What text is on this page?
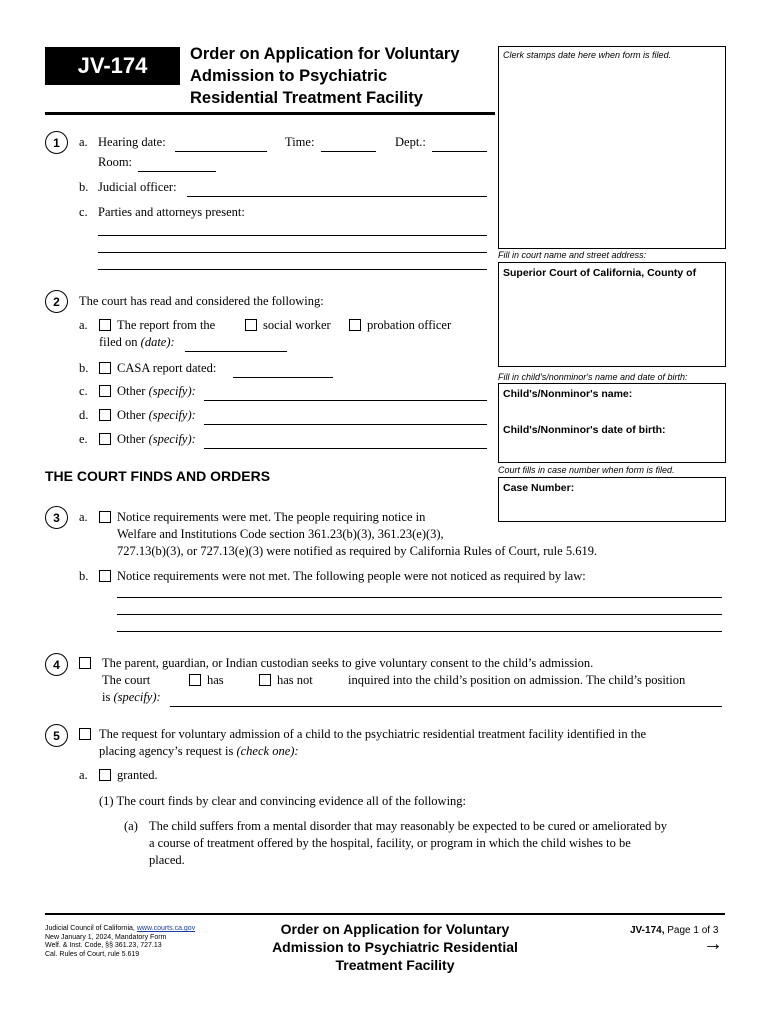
JV-174	Order on Application for Voluntary
Admission to Psychiatric
Residential Treatment Facility
Clerk stamps date here when form is filed.
Fill in court name and street address:
Superior Court of California, County of
Fill in child's/nonminor's name and date of birth:
Child's/Nonminor's name:
Child's/Nonminor's date of birth:
Court fills in case number when form is filed.
Case Number:
1	a. Hearing date:	Time:	Dept.:
Room:
b. Judicial officer:
c. Parties and attorneys present:
2	The court has read and considered the following:
a. The report from the	social worker	probation officer
filed on (date):
b. CASA report dated:
c. Other (specify):
d. Other (specify):
e. Other (specify):
THE COURT FINDS AND ORDERS
3	a. Notice requirements were met. The people requiring notice in
Welfare and Institutions Code section 361.23(b)(3), 361.23(e)(3),
727.13(b)(3), or 727.13(e)(3) were notified as required by California Rules of Court, rule 5.619.
b. Notice requirements were not met. The following people were not noticed as required by law:
4	The parent, guardian, or Indian custodian seeks to give voluntary consent to the child’s admission.
The court	has	has not	inquired into the child’s position on admission. The child’s position
is (specify):
5	The request for voluntary admission of a child to the psychiatric residential treatment facility identified in the
placing agency’s request is (check one):
a. granted.
(1) The court finds by clear and convincing evidence all of the following:
(a) The child suffers from a mental disorder that may reasonably be expected to be cured or ameliorated by
a course of treatment offered by the hospital, facility, or program in which the child wishes to be
placed.
Judicial Council of California, www.courts.ca.gov
New January 1, 2024, Mandatory Form
Welf. & Inst. Code, §§ 361.23, 727.13
Cal. Rules of Court, rule 5.619
Order on Application for Voluntary
Admission to Psychiatric Residential
Treatment Facility
JV-174, Page 1 of 3
→
